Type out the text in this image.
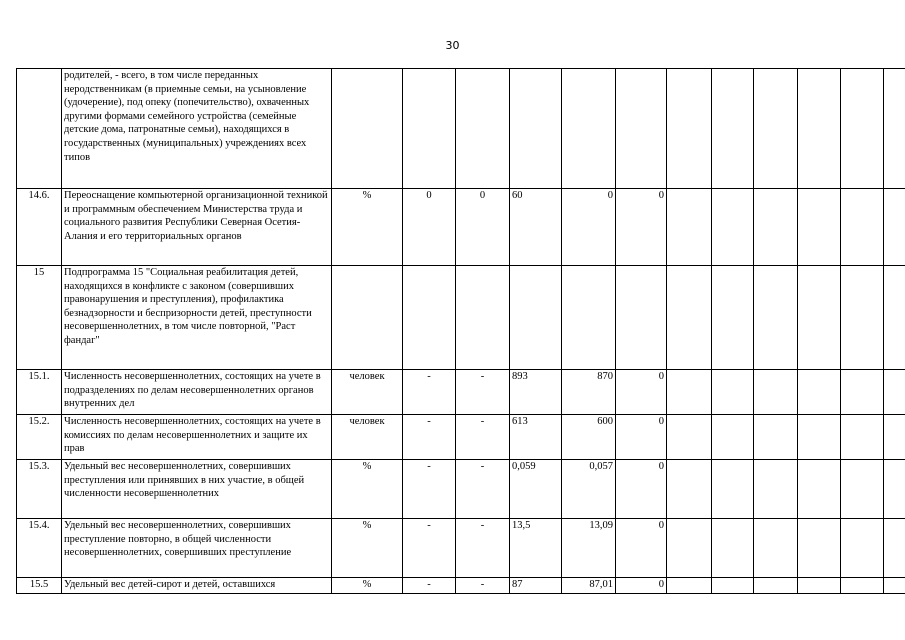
30
	родителей, - всего, в том числе переданных неродственникам (в приемные семьи, на усыновление (удочерение), под опеку (попечительство), охваченных другими формами семейного устройства (семейные детские дома, патронатные семьи), находящихся в государственных (муниципальных) учреждениях всех типов												
14.6.	Переоснащение компьютерной организационной техникой и программным обеспечением Министерства труда и социального развития Республики Северная Осетия-Алания и его территориальных органов	%	0	0	60	0	0						
15	Подпрограмма 15 "Социальная реабилитация детей, находящихся в конфликте с законом (совершивших правонарушения и преступления), профилактика безнадзорности и беспризорности детей, преступности несовершеннолетних, в том числе повторной, "Раст фандаг"												
15.1.	Численность несовершеннолетних, состоящих на учете в подразделениях по делам несовершеннолетних органов внутренних дел	человек	-	-	893	870	0						
15.2.	Численность несовершеннолетних, состоящих на учете в комиссиях по делам несовершеннолетних и защите их прав	человек	-	-	613	600	0						
15.3.	Удельный вес несовершеннолетних, совершивших преступления или принявших в них участие, в общей численности несовершеннолетних	%	-	-	0,059	0,057	0						
15.4.	Удельный вес несовершеннолетних, совершивших преступление повторно, в общей численности несовершеннолетних, совершивших преступление	%	-	-	13,5	13,09	0						
15.5	Удельный вес детей-сирот и детей, оставшихся	%	-	-	87	87,01	0						
